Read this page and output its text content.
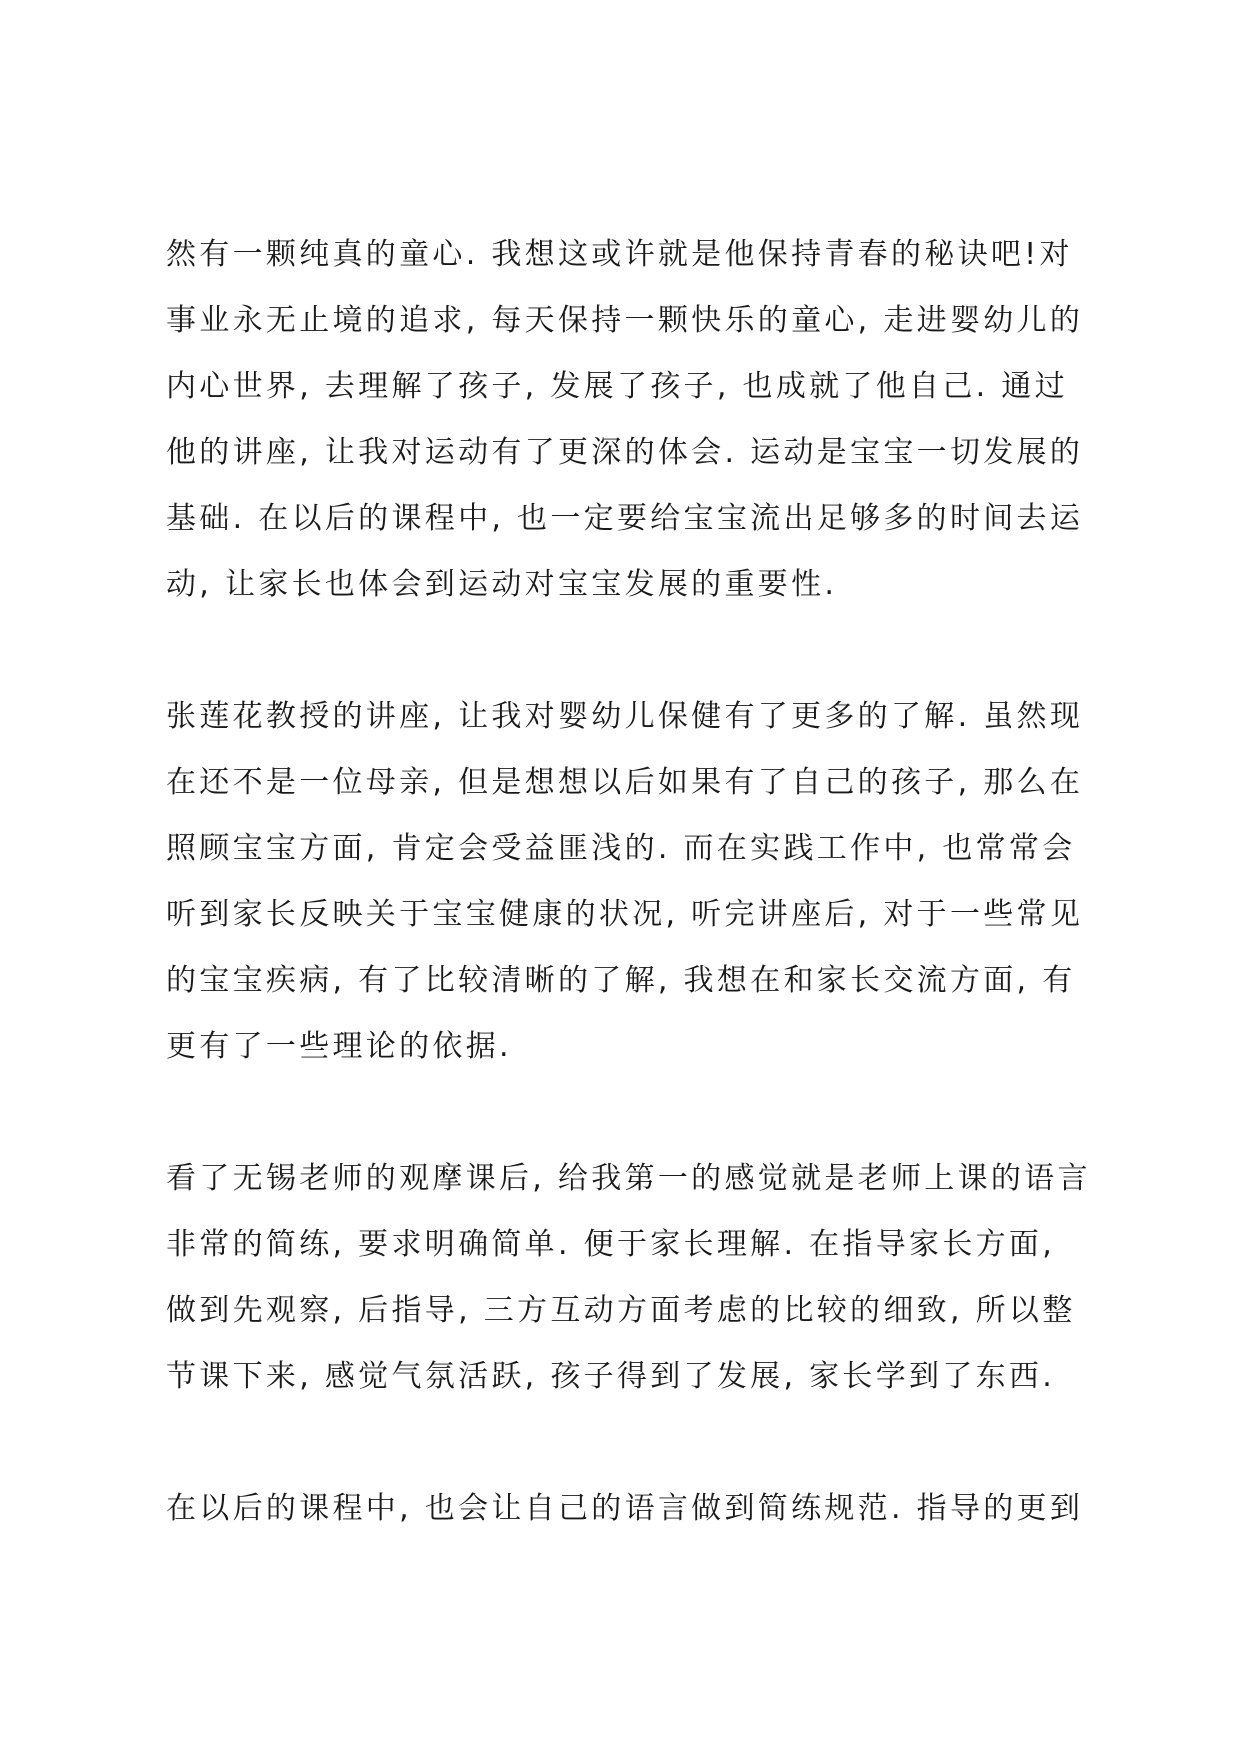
然有一颗纯真的童心. 我想这或许就是他保持青春的秘诀吧!对
事业永无止境的追求, 每天保持一颗快乐的童心, 走进婴幼儿的
内心世界, 去理解了孩子, 发展了孩子, 也成就了他自己. 通过
他的讲座, 让我对运动有了更深的体会. 运动是宝宝一切发展的
基础. 在以后的课程中, 也一定要给宝宝流出足够多的时间去运
动, 让家长也体会到运动对宝宝发展的重要性.
张莲花教授的讲座, 让我对婴幼儿保健有了更多的了解. 虽然现
在还不是一位母亲, 但是想想以后如果有了自己的孩子, 那么在
照顾宝宝方面, 肯定会受益匪浅的. 而在实践工作中, 也常常会
听到家长反映关于宝宝健康的状况, 听完讲座后, 对于一些常见
的宝宝疾病, 有了比较清晰的了解, 我想在和家长交流方面, 有
更有了一些理论的依据.
看了无锡老师的观摩课后, 给我第一的感觉就是老师上课的语言
非常的简练, 要求明确简单. 便于家长理解. 在指导家长方面,
做到先观察, 后指导, 三方互动方面考虑的比较的细致, 所以整
节课下来, 感觉气氛活跃, 孩子得到了发展, 家长学到了东西.
在以后的课程中, 也会让自己的语言做到简练规范. 指导的更到
